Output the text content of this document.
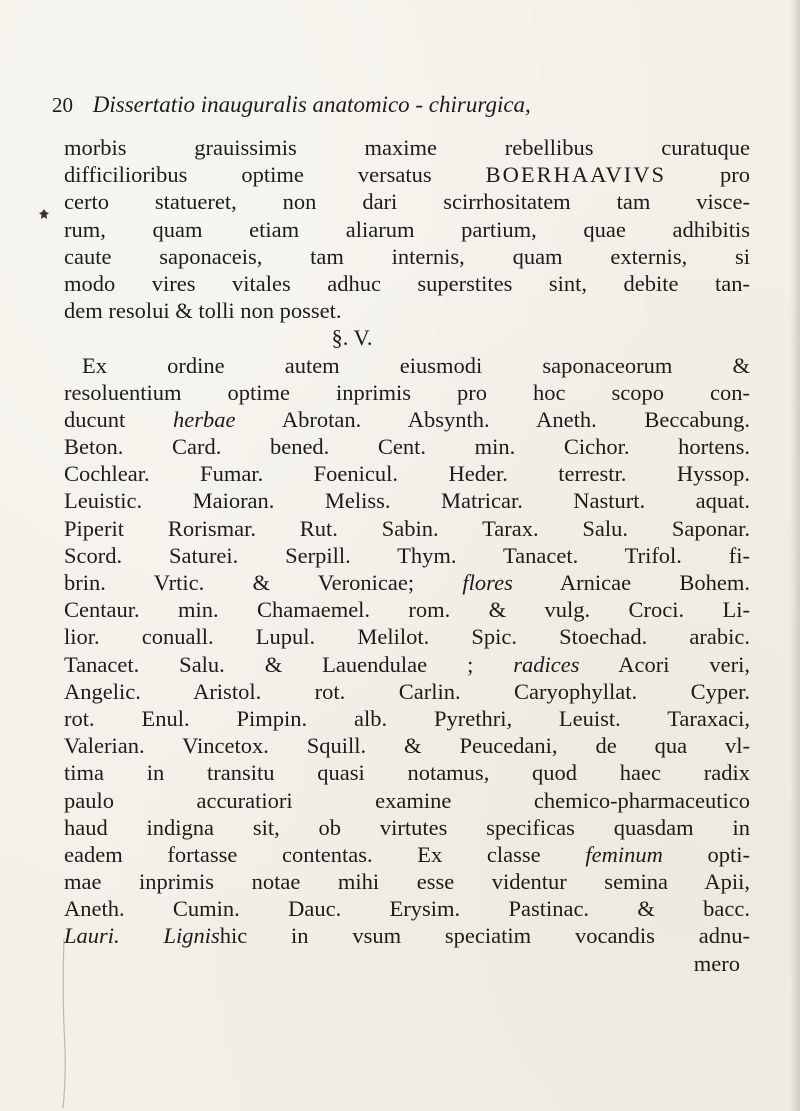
20 Dissertatio inauguralis anatomico - chirurgica,
morbis grauissimis maxime rebellibus curatuque
difficilioribus optime versatus BOERHAAVIVS pro
certo statueret, non dari scirrhositatem tam visce-
rum, quam etiam aliarum partium, quae adhibitis
caute saponaceis, tam internis, quam externis, si
modo vires vitales adhuc superstites sint, debite tan-
dem resolui & tolli non posset.
§. V.
Ex ordine autem eiusmodi saponaceorum &
resoluentium optime inprimis pro hoc scopo con-
ducunt herbae Abrotan. Absynth. Aneth. Beccabung.
Beton. Card. bened. Cent. min. Cichor. hortens.
Cochlear. Fumar. Foenicul. Heder. terrestr. Hyssop.
Leuistic. Maioran. Meliss. Matricar. Nasturt. aquat.
Piperit Rorismar. Rut. Sabin. Tarax. Salu. Saponar.
Scord. Saturei. Serpill. Thym. Tanacet. Trifol. fi-
brin. Vrtic. & Veronicae; flores Arnicae Bohem.
Centaur. min. Chamaemel. rom. & vulg. Croci. Li-
lior. conuall. Lupul. Melilot. Spic. Stoechad. arabic.
Tanacet. Salu. & Lauendulae ; radices Acori veri,
Angelic. Aristol. rot. Carlin. Caryophyllat. Cyper.
rot. Enul. Pimpin. alb. Pyrethri, Leuist. Taraxaci,
Valerian. Vincetox. Squill. & Peucedani, de qua vl-
tima in transitu quasi notamus, quod haec radix
paulo accuratiori examine chemico-pharmaceutico
haud indigna sit, ob virtutes specificas quasdam in
eadem fortasse contentas. Ex classe feminum opti-
mae inprimis notae mihi esse videntur semina Apii,
Aneth. Cumin. Dauc. Erysim. Pastinac. & bacc.
Lauri. Lignishic in vsum speciatim vocandis adnu-
mero
